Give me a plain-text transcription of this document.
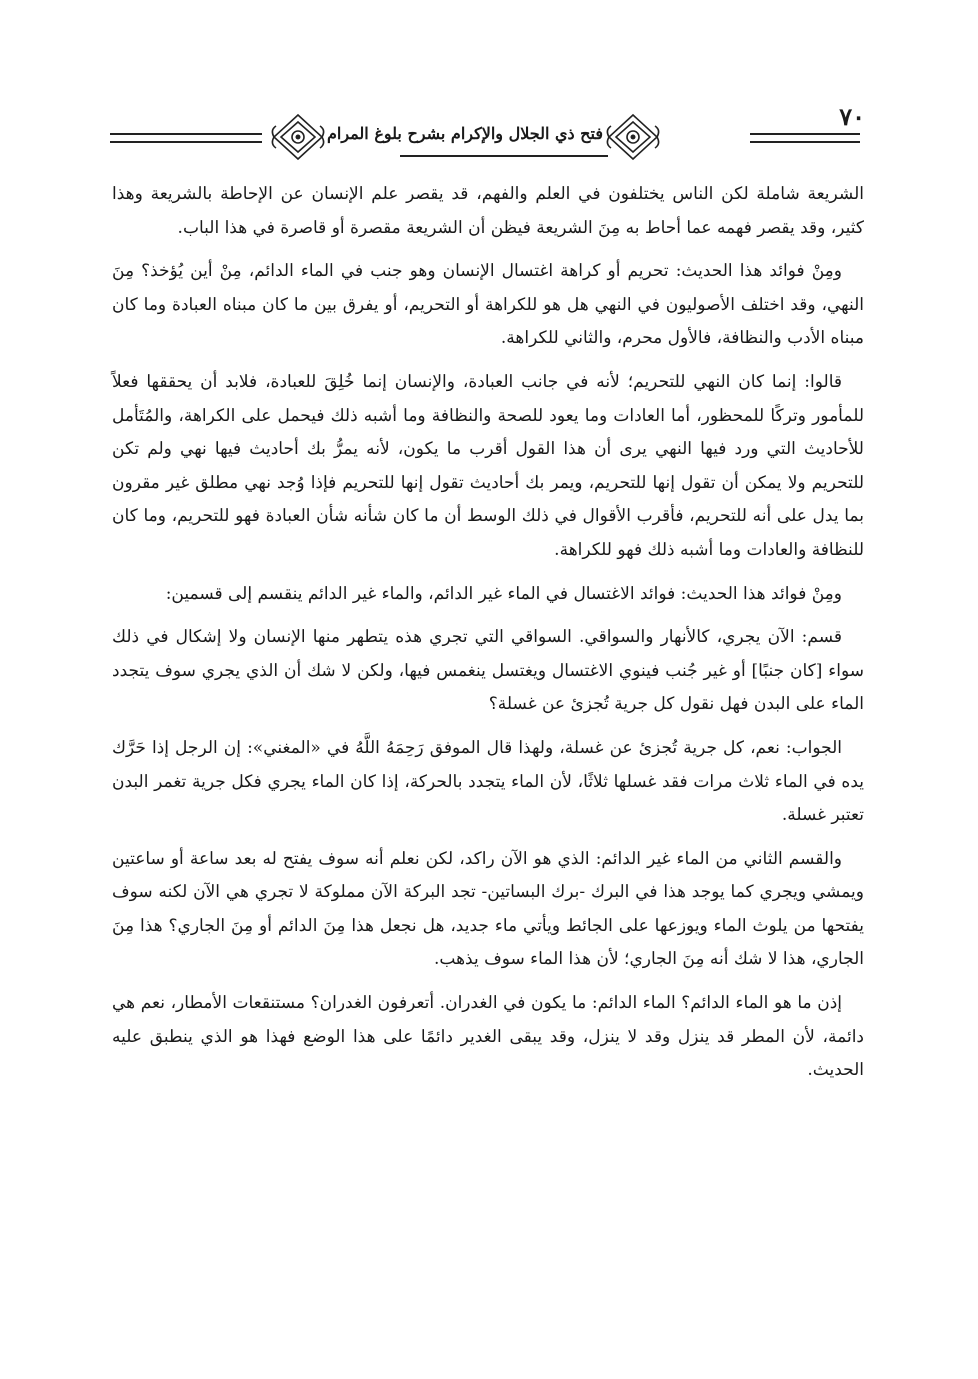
فتح ذي الجلال والإكرام بشرح بلوغ المرام
٧٠

الشريعة شاملة لكن الناس يختلفون في العلم والفهم، قد يقصر علم الإنسان عن الإحاطة بالشريعة وهذا كثير، وقد يقصر فهمه عما أحاط به مِنَ الشريعة فيظن أن الشريعة مقصرة أو قاصرة في هذا الباب.

ومِنْ فوائد هذا الحديث: تحريم أو كراهة اغتسال الإنسان وهو جنب في الماء الدائم، مِنْ أين يُؤخذ؟ مِنَ النهي، وقد اختلف الأصوليون في النهي هل هو للكراهة أو التحريم، أو يفرق بين ما كان مبناه العبادة وما كان مبناه الأدب والنظافة، فالأول محرم، والثاني للكراهة.

قالوا: إنما كان النهي للتحريم؛ لأنه في جانب العبادة، والإنسان إنما خُلِقَ للعبادة، فلابد أن يحققها فعلاً للمأمور وتركًا للمحظور، أما العادات وما يعود للصحة والنظافة وما أشبه ذلك فيحمل على الكراهة، والمُتَأمل للأحاديث التي ورد فيها النهي يرى أن هذا القول أقرب ما يكون، لأنه يمرُّ بك أحاديث فيها نهي ولم تكن للتحريم ولا يمكن أن تقول إنها للتحريم، ويمر بك أحاديث تقول إنها للتحريم فإذا وُجد نهي مطلق غير مقرون بما يدل على أنه للتحريم، فأقرب الأقوال في ذلك الوسط أن ما كان شأنه شأن العبادة فهو للتحريم، وما كان للنظافة والعادات وما أشبه ذلك فهو للكراهة.

ومِنْ فوائد هذا الحديث: فوائد الاغتسال في الماء غير الدائم، والماء غير الدائم ينقسم إلى قسمين:

قسم: الآن يجري، كالأنهار والسواقي. السواقي التي تجري هذه يتطهر منها الإنسان ولا إشكال في ذلك سواء [كان جنبًا] أو غير جُنب فينوي الاغتسال ويغتسل ينغمس فيها، ولكن لا شك أن الذي يجري سوف يتجدد الماء على البدن فهل نقول كل جرية تُجزئ عن غسلة؟

الجواب: نعم، كل جرية تُجزئ عن غسلة، ولهذا قال الموفق رَحِمَهُ اللَّهُ في «المغني»: إن الرجل إذا حَرَّك يده في الماء ثلاث مرات فقد غسلها ثلاثًا، لأن الماء يتجدد بالحركة، إذا كان الماء يجري فكل جرية تغمر البدن تعتبر غسلة.

والقسم الثاني من الماء غير الدائم: الذي هو الآن راكد، لكن نعلم أنه سوف يفتح له بعد ساعة أو ساعتين ويمشي ويجري كما يوجد هذا في البرك -برك البساتين- تجد البركة الآن مملوكة لا تجري هي الآن لكنه سوف يفتحها من يلوث الماء ويوزعها على الجائط ويأتي ماء جديد، هل نجعل هذا مِنَ الدائم أو مِنَ الجاري؟ هذا مِنَ الجاري، هذا لا شك أنه مِنَ الجاري؛ لأن هذا الماء سوف يذهب.

إذن ما هو الماء الدائم؟ الماء الدائم: ما يكون في الغدران. أتعرفون الغدران؟ مستنقعات الأمطار، نعم هي دائمة، لأن المطر قد ينزل وقد لا ينزل، وقد يبقى الغدير دائمًا على هذا الوضع فهذا هو الذي ينطبق عليه الحديث.
